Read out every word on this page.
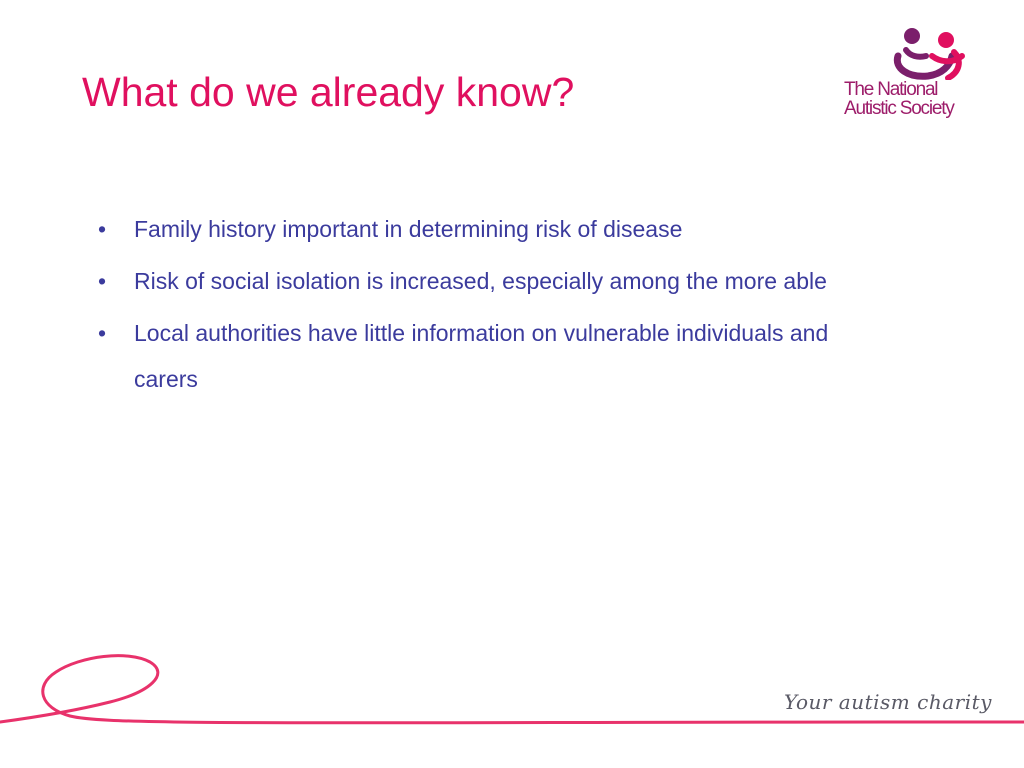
What do we already know?	The National
Autistic Society
• Family history important in determining risk of disease
• Risk of social isolation is increased, especially among the more able
• Local authorities have little information on vulnerable individuals and carers
Your autism charity
